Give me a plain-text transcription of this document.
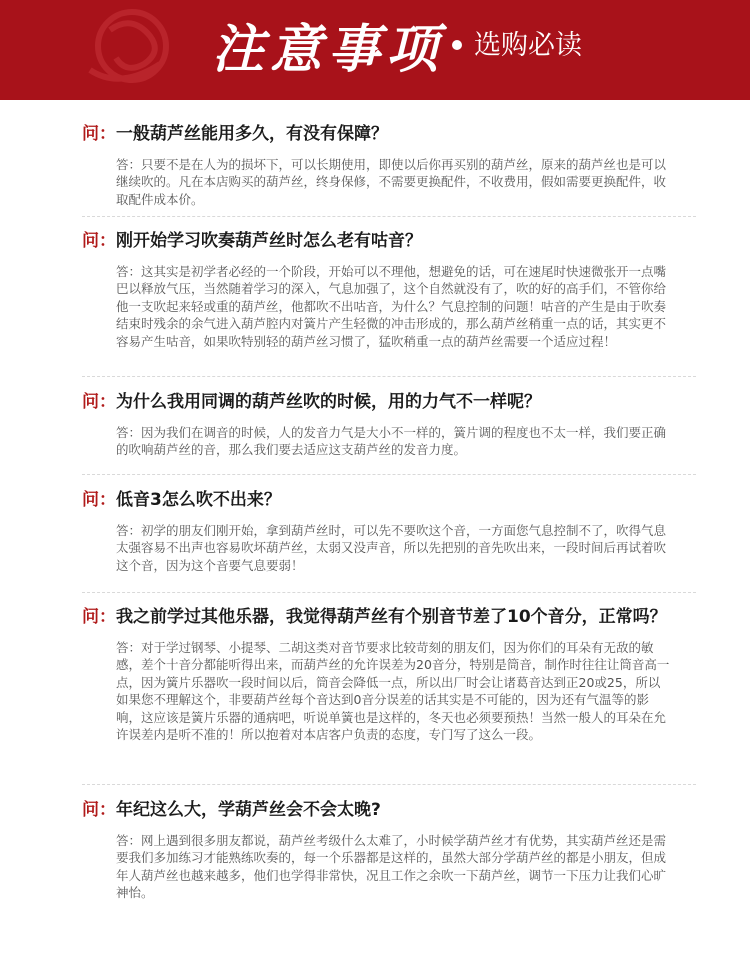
注意事项 选购必读
问：一般葫芦丝能用多久，有没有保障？
答：只要不是在人为的损坏下，可以长期使用，即使以后你再买别的葫芦丝，原来的葫芦丝也是可以继续吹的。凡在本店购买的葫芦丝，终身保修，不需要更换配件，不收费用，假如需要更换配件，收取配件成本价。
问：刚开始学习吹奏葫芦丝时怎么老有咕音？
答：这其实是初学者必经的一个阶段，开始可以不理他，想避免的话，可在速尾时快速微张开一点嘴巴以释放气压，当然随着学习的深入，气息加强了，这个自然就没有了，吹的好的高手们，不管你给他一支吹起来轻或重的葫芦丝，他都吹不出咕音，为什么？气息控制的问题！咕音的产生是由于吹奏结束时残余的余气进入葫芦腔内对簧片产生轻微的冲击形成的，那么葫芦丝稍重一点的话，其实更不容易产生咕音，如果吹特别轻的葫芦丝习惯了，猛吹稍重一点的葫芦丝需要一个适应过程！
问：为什么我用同调的葫芦丝吹的时候，用的力气不一样呢？
答：因为我们在调音的时候，人的发音力气是大小不一样的，簧片调的程度也不太一样，我们要正确的吹响葫芦丝的音，那么我们要去适应这支葫芦丝的发音力度。
问：低音3怎么吹不出来？
答：初学的朋友们刚开始，拿到葫芦丝时，可以先不要吹这个音，一方面您气息控制不了，吹得气息太强容易不出声也容易吹坏葫芦丝，太弱又没声音，所以先把别的音先吹出来，一段时间后再试着吹这个音，因为这个音要气息要弱！
问：我之前学过其他乐器，我觉得葫芦丝有个别音节差了10个音分，正常吗？
答：对于学过钢琴、小提琴、二胡这类对音节要求比较苛刻的朋友们，因为你们的耳朵有无敌的敏感，差个十音分都能听得出来，而葫芦丝的允许误差为20音分，特别是筒音，制作时往往让筒音高一点，因为簧片乐器吹一段时间以后，筒音会降低一点，所以出厂时会让诸葛音达到正20或25，所以如果您不理解这个，非要葫芦丝每个音达到0音分误差的话其实是不可能的，因为还有气温等的影响，这应该是簧片乐器的通病吧，听说单簧也是这样的，冬天也必须要预热！当然一般人的耳朵在允许误差内是听不准的！所以抱着对本店客户负责的态度，专门写了这么一段。
问：年纪这么大，学葫芦丝会不会太晚?
答：网上遇到很多朋友都说，葫芦丝考级什么太难了，小时候学葫芦丝才有优势，其实葫芦丝还是需要我们多加练习才能熟练吹奏的，每一个乐器都是这样的，虽然大部分学葫芦丝的都是小朋友，但成年人葫芦丝也越来越多，他们也学得非常快，况且工作之余吹一下葫芦丝，调节一下压力让我们心旷神怡。
